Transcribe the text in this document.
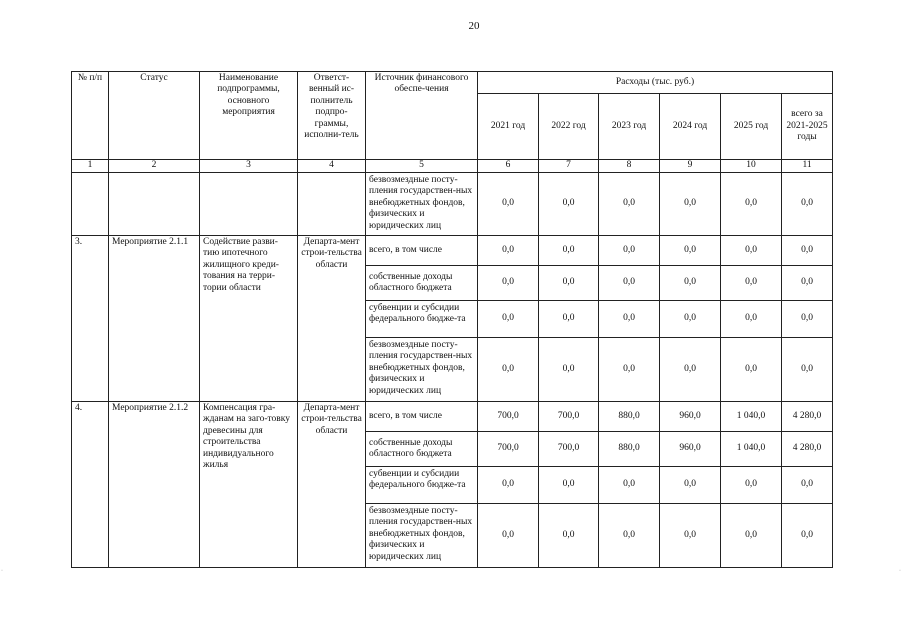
20
№ п/п	Статус	Наименование подпрограммы, основного мероприятия	Ответст-венный ис-полнитель подпро-граммы, исполни-тель	Источник финансового обеспе-чения	Расходы (тыс. руб.)					
					2021 год	2022 год	2023 год	2024 год	2025 год	всего за 2021-2025 годы
1	2	3	4	5	6	7	8	9	10	11
				безвозмездные посту-пления государствен-ных внебюджетных фондов, физических и юридических лиц	0,0	0,0	0,0	0,0	0,0	0,0
3.	Мероприятие 2.1.1	Содействие разви-тию ипотечного жилищного креди-тования на терри-тории области	Департа-мент строи-тельства области	всего, в том числе	0,0	0,0	0,0	0,0	0,0	0,0
				собственные доходы областного бюджета	0,0	0,0	0,0	0,0	0,0	0,0
				субвенции и субсидии федерального бюдже-та	0,0	0,0	0,0	0,0	0,0	0,0
				безвозмездные посту-пления государствен-ных внебюджетных фондов, физических и юридических лиц	0,0	0,0	0,0	0,0	0,0	0,0
4.	Мероприятие 2.1.2	Компенсация гра-жданам на заго-товку древесины для строительства индивидуального жилья	Департа-мент строи-тельства области	всего, в том числе	700,0	700,0	880,0	960,0	1 040,0	4 280,0
				собственные доходы областного бюджета	700,0	700,0	880,0	960,0	1 040,0	4 280,0
				субвенции и субсидии федерального бюдже-та	0,0	0,0	0,0	0,0	0,0	0,0
				безвозмездные посту-пления государствен-ных внебюджетных фондов, физических и юридических лиц	0,0	0,0	0,0	0,0	0,0	0,0
·	·
